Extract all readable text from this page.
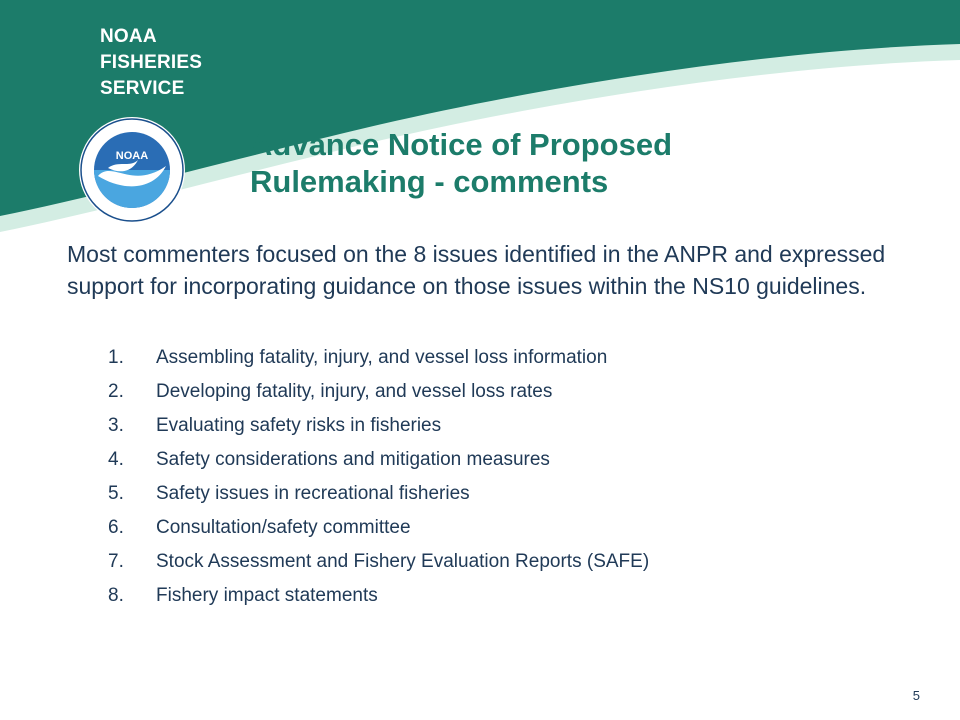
NOAA
FISHERIES
SERVICE
NOAA	Advance Notice of Proposed
Rulemaking - comments
Most commenters focused on the 8 issues identified in the ANPR and expressed support for incorporating guidance on those issues within the NS10 guidelines.
1.	Assembling fatality, injury, and vessel loss information
2.	Developing fatality, injury, and vessel loss rates
3.	Evaluating safety risks in fisheries
4.	Safety considerations and mitigation measures
5.	Safety issues in recreational fisheries
6.	Consultation/safety committee
7.	Stock Assessment and Fishery Evaluation Reports (SAFE)
8.	Fishery impact statements
5
